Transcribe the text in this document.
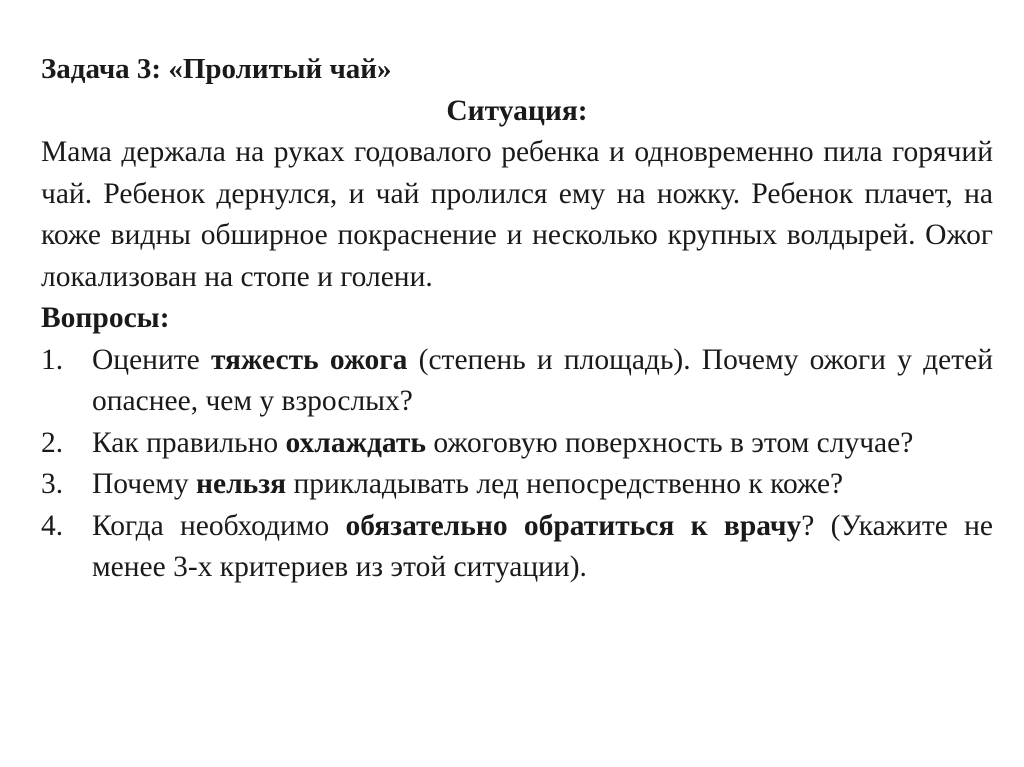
Задача 3: «Пролитый чай»

Ситуация:

Мама держала на руках годовалого ребенка и одновременно пила горячий чай. Ребенок дернулся, и чай пролился ему на ножку. Ребенок плачет, на коже видны обширное покраснение и несколько крупных волдырей. Ожог локализован на стопе и голени.

Вопросы:

1. Оцените тяжесть ожога (степень и площадь). Почему ожоги у детей опаснее, чем у взрослых?
2. Как правильно охлаждать ожоговую поверхность в этом случае?
3. Почему нельзя прикладывать лед непосредственно к коже?
4. Когда необходимо обязательно обратиться к врачу? (Укажите не менее 3-х критериев из этой ситуации).
